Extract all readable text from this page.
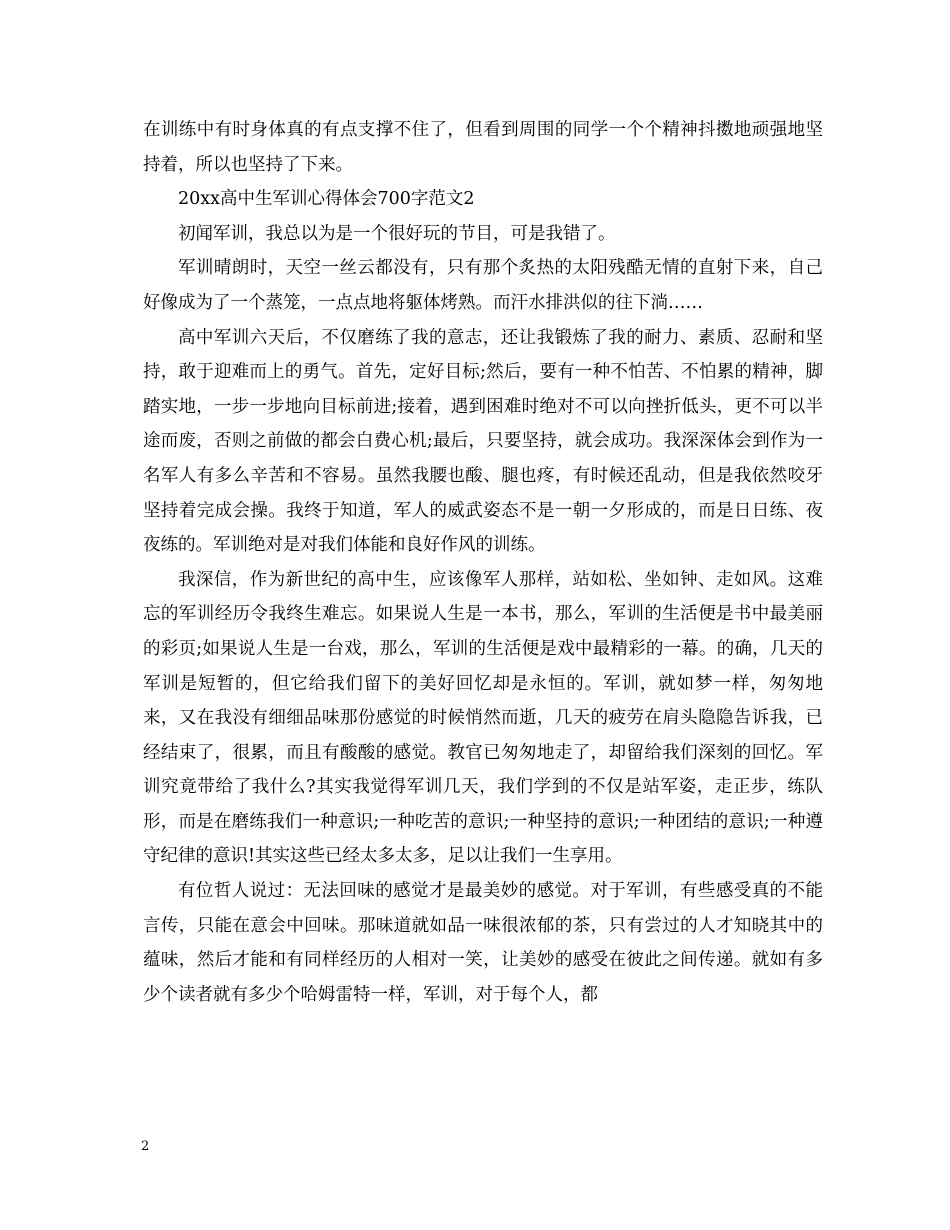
在训练中有时身体真的有点支撑不住了，但看到周围的同学一个个精神抖擞地顽强地坚持着，所以也坚持了下来。

20xx高中生军训心得体会700字范文2

初闻军训，我总以为是一个很好玩的节目，可是我错了。

军训晴朗时，天空一丝云都没有，只有那个炙热的太阳残酷无情的直射下来，自己好像成为了一个蒸笼，一点点地将躯体烤熟。而汗水排洪似的往下淌……

高中军训六天后，不仅磨练了我的意志，还让我锻炼了我的耐力、素质、忍耐和坚持，敢于迎难而上的勇气。首先，定好目标;然后，要有一种不怕苦、不怕累的精神，脚踏实地，一步一步地向目标前进;接着，遇到困难时绝对不可以向挫折低头，更不可以半途而废，否则之前做的都会白费心机;最后，只要坚持，就会成功。我深深体会到作为一名军人有多么辛苦和不容易。虽然我腰也酸、腿也疼，有时候还乱动，但是我依然咬牙坚持着完成会操。我终于知道，军人的威武姿态不是一朝一夕形成的，而是日日练、夜夜练的。军训绝对是对我们体能和良好作风的训练。

我深信，作为新世纪的高中生，应该像军人那样，站如松、坐如钟、走如风。这难忘的军训经历令我终生难忘。如果说人生是一本书，那么，军训的生活便是书中最美丽的彩页;如果说人生是一台戏，那么，军训的生活便是戏中最精彩的一幕。的确，几天的军训是短暂的，但它给我们留下的美好回忆却是永恒的。军训，就如梦一样，匆匆地来，又在我没有细细品味那份感觉的时候悄然而逝，几天的疲劳在肩头隐隐告诉我，已经结束了，很累，而且有酸酸的感觉。教官已匆匆地走了，却留给我们深刻的回忆。军训究竟带给了我什么?其实我觉得军训几天，我们学到的不仅是站军姿，走正步，练队形，而是在磨练我们一种意识;一种吃苦的意识;一种坚持的意识;一种团结的意识;一种遵守纪律的意识!其实这些已经太多太多，足以让我们一生享用。

有位哲人说过：无法回味的感觉才是最美妙的感觉。对于军训，有些感受真的不能言传，只能在意会中回味。那味道就如品一味很浓郁的茶，只有尝过的人才知晓其中的蕴味，然后才能和有同样经历的人相对一笑，让美妙的感受在彼此之间传递。就如有多少个读者就有多少个哈姆雷特一样，军训，对于每个人，都

2
